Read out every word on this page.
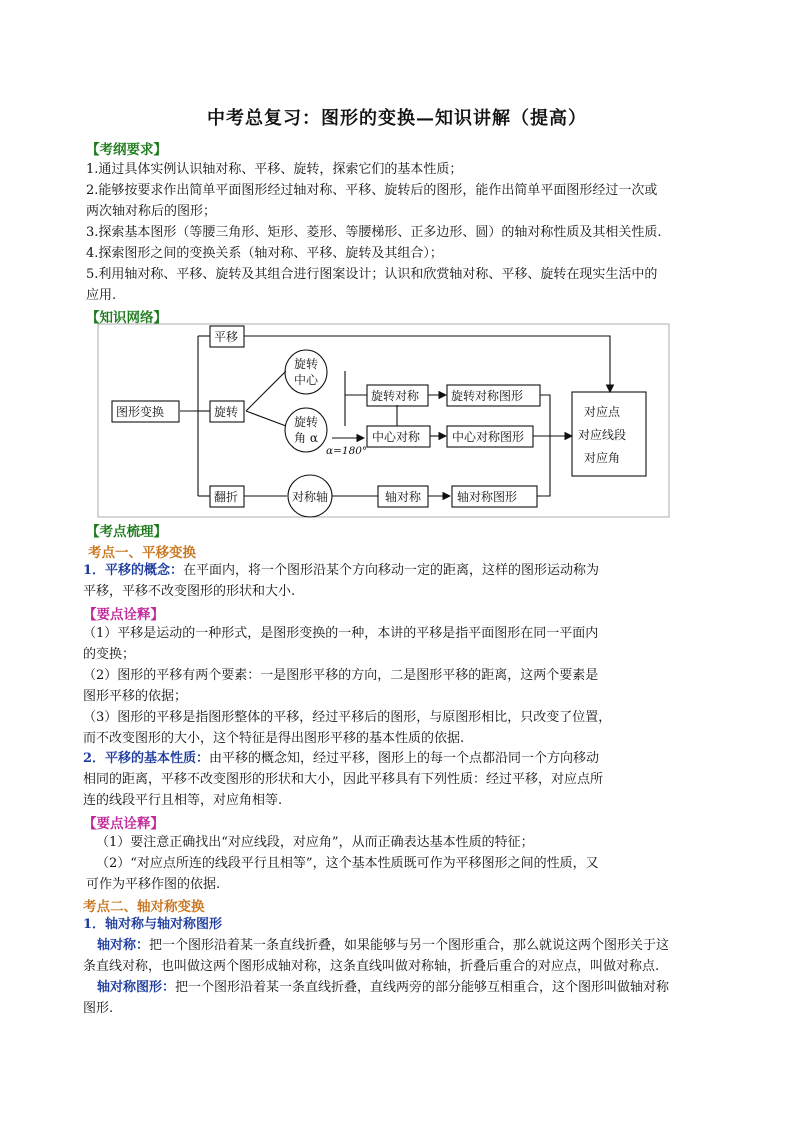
中考总复习：图形的变换—知识讲解（提高）
【考纲要求】
1.通过具体实例认识轴对称、平移、旋转，探索它们的基本性质；
2.能够按要求作出简单平面图形经过轴对称、平移、旋转后的图形，能作出简单平面图形经过一次或
两次轴对称后的图形；
3.探索基本图形（等腰三角形、矩形、菱形、等腰梯形、正多边形、圆）的轴对称性质及其相关性质.
4.探索图形之间的变换关系（轴对称、平移、旋转及其组合）；
5.利用轴对称、平移、旋转及其组合进行图案设计；认识和欣赏轴对称、平移、旋转在现实生活中的
应用.
【知识网络】
图形变换
平移
旋转
翻折
旋转
中心
旋转
角 α
α=180°
旋转对称	旋转对称图形
中心对称	中心对称图形
对称轴	轴对称	轴对称图形
对应点
对应线段
对应角
【考点梳理】
考点一、平移变换
1．平移的概念：在平面内，将一个图形沿某个方向移动一定的距离，这样的图形运动称为
平移，平移不改变图形的形状和大小.
【要点诠释】
（1）平移是运动的一种形式，是图形变换的一种，本讲的平移是指平面图形在同一平面内
的变换；
（2）图形的平移有两个要素：一是图形平移的方向，二是图形平移的距离，这两个要素是
图形平移的依据；
（3）图形的平移是指图形整体的平移，经过平移后的图形，与原图形相比，只改变了位置，
而不改变图形的大小，这个特征是得出图形平移的基本性质的依据.
2．平移的基本性质：由平移的概念知，经过平移，图形上的每一个点都沿同一个方向移动
相同的距离，平移不改变图形的形状和大小，因此平移具有下列性质：经过平移，对应点所
连的线段平行且相等，对应角相等.
【要点诠释】
（1）要注意正确找出“对应线段，对应角”，从而正确表达基本性质的特征；
（2）“对应点所连的线段平行且相等”，这个基本性质既可作为平移图形之间的性质，又
可作为平移作图的依据.
考点二、轴对称变换
1．轴对称与轴对称图形
轴对称：把一个图形沿着某一条直线折叠，如果能够与另一个图形重合，那么就说这两个图形关于这
条直线对称，也叫做这两个图形成轴对称，这条直线叫做对称轴，折叠后重合的对应点，叫做对称点.
轴对称图形：把一个图形沿着某一条直线折叠，直线两旁的部分能够互相重合，这个图形叫做轴对称
图形.
